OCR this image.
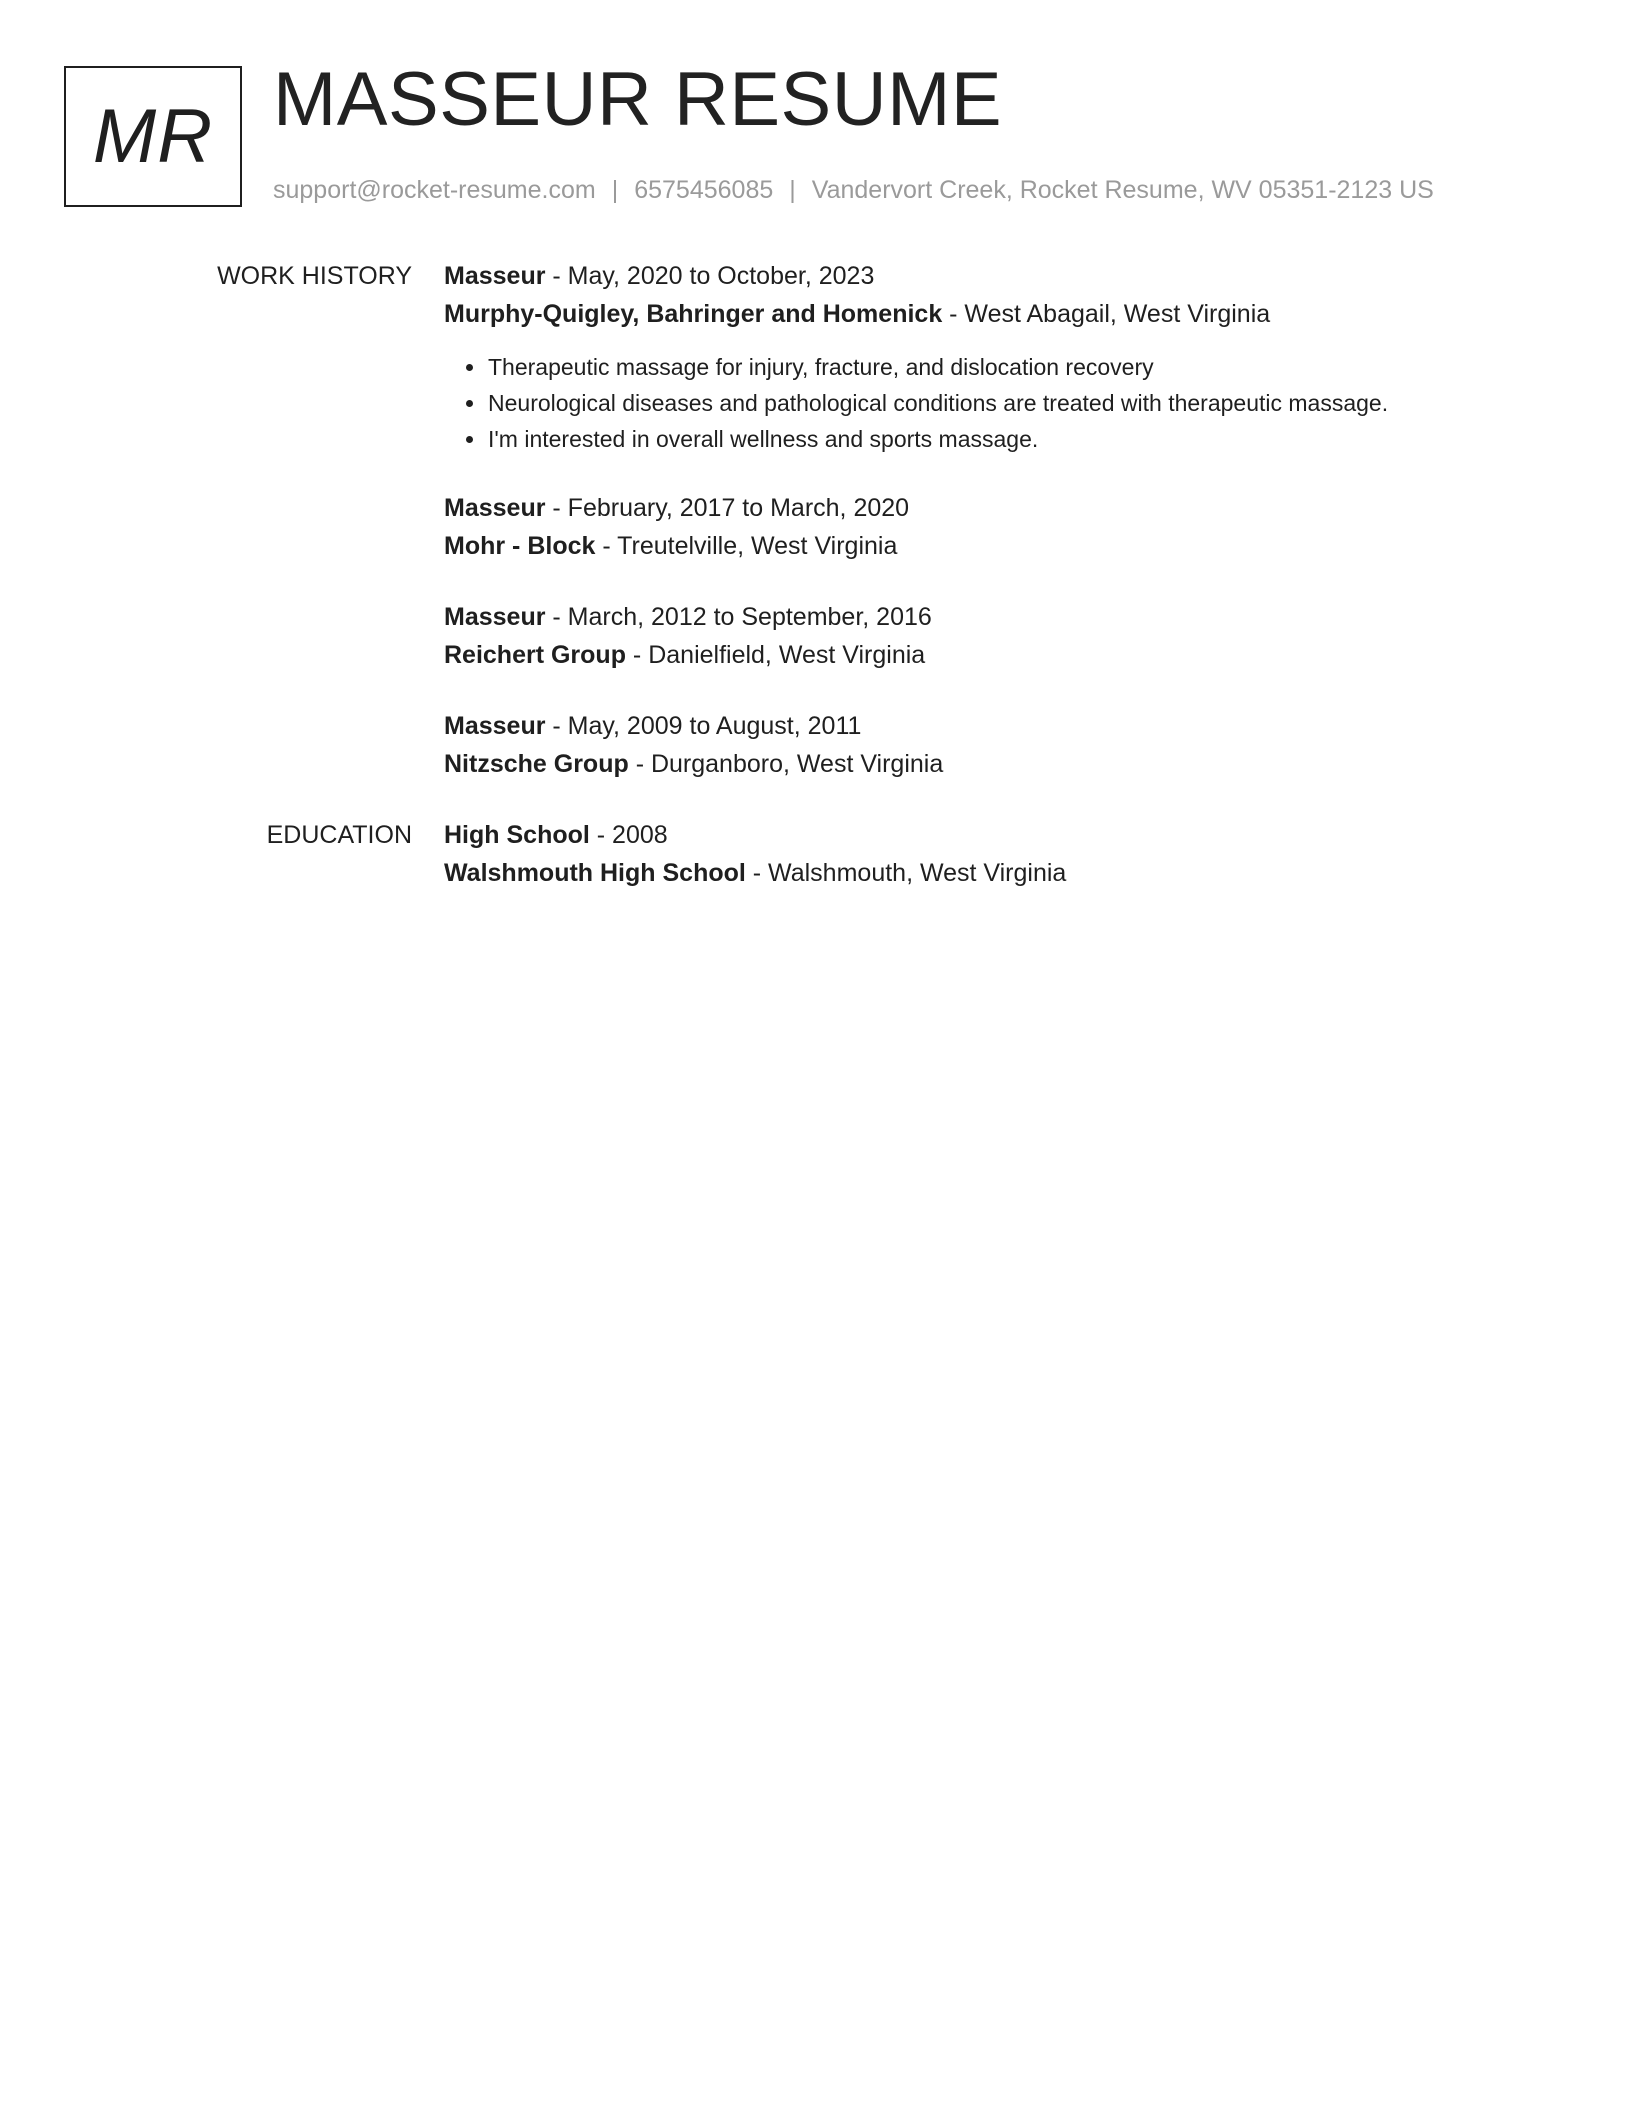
MR MASSEUR RESUME
support@rocket-resume.com | 6575456085 | Vandervort Creek, Rocket Resume, WV 05351-2123 US
WORK HISTORY Masseur - May, 2020 to October, 2023
Murphy-Quigley, Bahringer and Homenick - West Abagail, West Virginia
• Therapeutic massage for injury, fracture, and dislocation recovery
• Neurological diseases and pathological conditions are treated with therapeutic massage.
• I'm interested in overall wellness and sports massage.
Masseur - February, 2017 to March, 2020
Mohr - Block - Treutelville, West Virginia
Masseur - March, 2012 to September, 2016
Reichert Group - Danielfield, West Virginia
Masseur - May, 2009 to August, 2011
Nitzsche Group - Durganboro, West Virginia
EDUCATION High School - 2008
Walshmouth High School - Walshmouth, West Virginia
